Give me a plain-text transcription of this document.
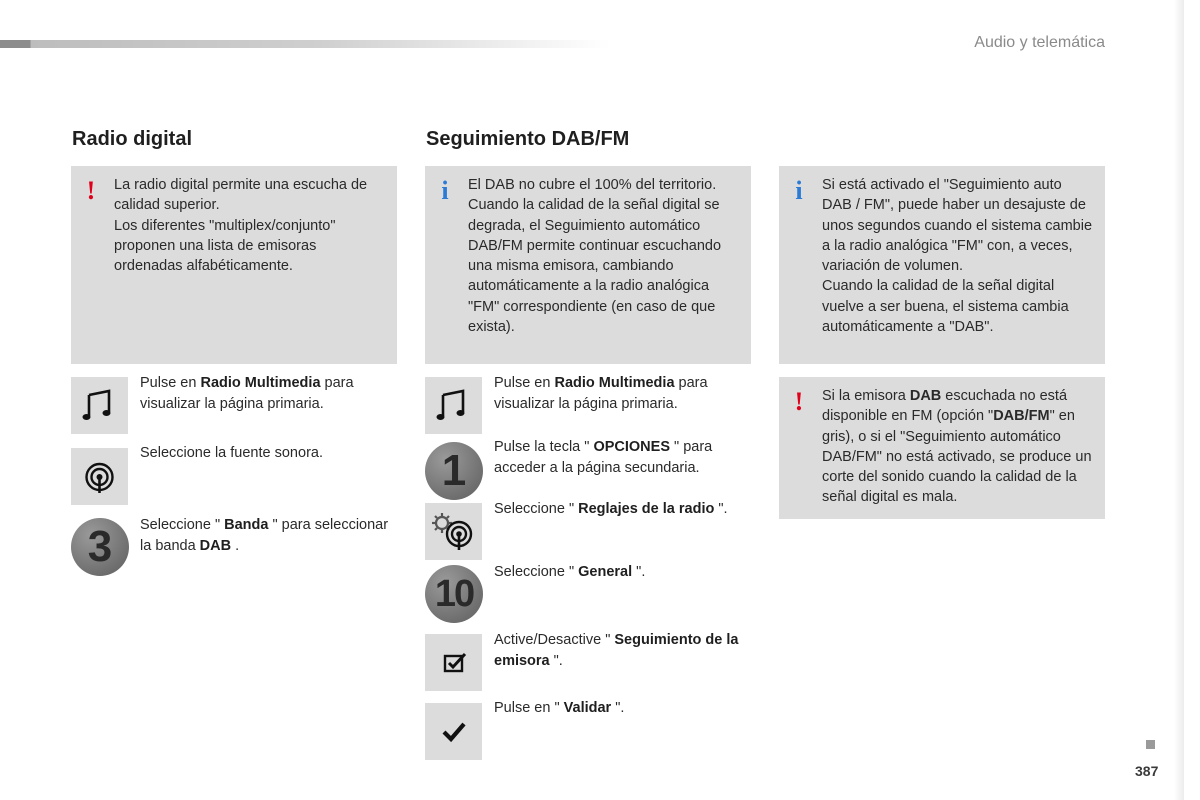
Audio y telemática
Radio digital
! La radio digital permite una escucha de calidad superior.
Los diferentes "multiplex/conjunto" proponen una lista de emisoras ordenadas alfabéticamente.
Pulse en Radio Multimedia para visualizar la página primaria.
Seleccione la fuente sonora.
3	Seleccione " Banda " para seleccionar la banda DAB .
Seguimiento DAB/FM
i El DAB no cubre el 100% del territorio. Cuando la calidad de la señal digital se degrada, el Seguimiento automático DAB/FM permite continuar escuchando una misma emisora, cambiando automáticamente a la radio analógica "FM" correspondiente (en caso de que exista).
Pulse en Radio Multimedia para visualizar la página primaria.
1	Pulse la tecla " OPCIONES " para acceder a la página secundaria.
Seleccione " Reglajes de la radio ".
10
Seleccione " General ".
Active/Desactive " Seguimiento de la emisora ".
Pulse en " Validar ".
i Si está activado el "Seguimiento auto DAB / FM", puede haber un desajuste de unos segundos cuando el sistema cambie a la radio analógica "FM" con, a veces, variación de volumen.
Cuando la calidad de la señal digital vuelve a ser buena, el sistema cambia automáticamente a "DAB".
! Si la emisora DAB escuchada no está disponible en FM (opción "DAB/FM" en gris), o si el "Seguimiento automático DAB/FM" no está activado, se produce un corte del sonido cuando la calidad de la señal digital es mala.
387
